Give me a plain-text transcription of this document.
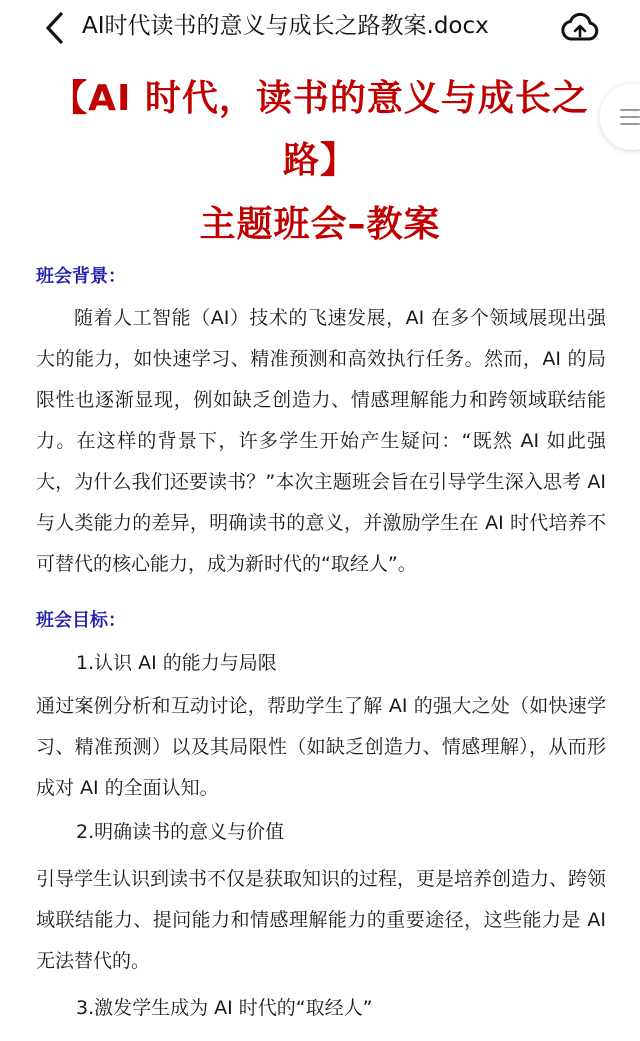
AI时代读书的意义与成长之路教案.docx
【AI 时代，读书的意义与成长之
路】
主题班会–教案
班会背景：
随着人工智能（AI）技术的飞速发展，AI 在多个领域展现出强大的能力，如快速学习、精准预测和高效执行任务。然而，AI 的局限性也逐渐显现，例如缺乏创造力、情感理解能力和跨领域联结能力。在这样的背景下，许多学生开始产生疑问：“既然 AI 如此强大，为什么我们还要读书？”本次主题班会旨在引导学生深入思考 AI 与人类能力的差异，明确读书的意义，并激励学生在 AI 时代培养不可替代的核心能力，成为新时代的“取经人”。
班会目标：
1.认识 AI 的能力与局限
通过案例分析和互动讨论，帮助学生了解 AI 的强大之处（如快速学习、精准预测）以及其局限性（如缺乏创造力、情感理解），从而形成对 AI 的全面认知。
2.明确读书的意义与价值
引导学生认识到读书不仅是获取知识的过程，更是培养创造力、跨领域联结能力、提问能力和情感理解能力的重要途径，这些能力是 AI 无法替代的。
3.激发学生成为 AI 时代的“取经人”
